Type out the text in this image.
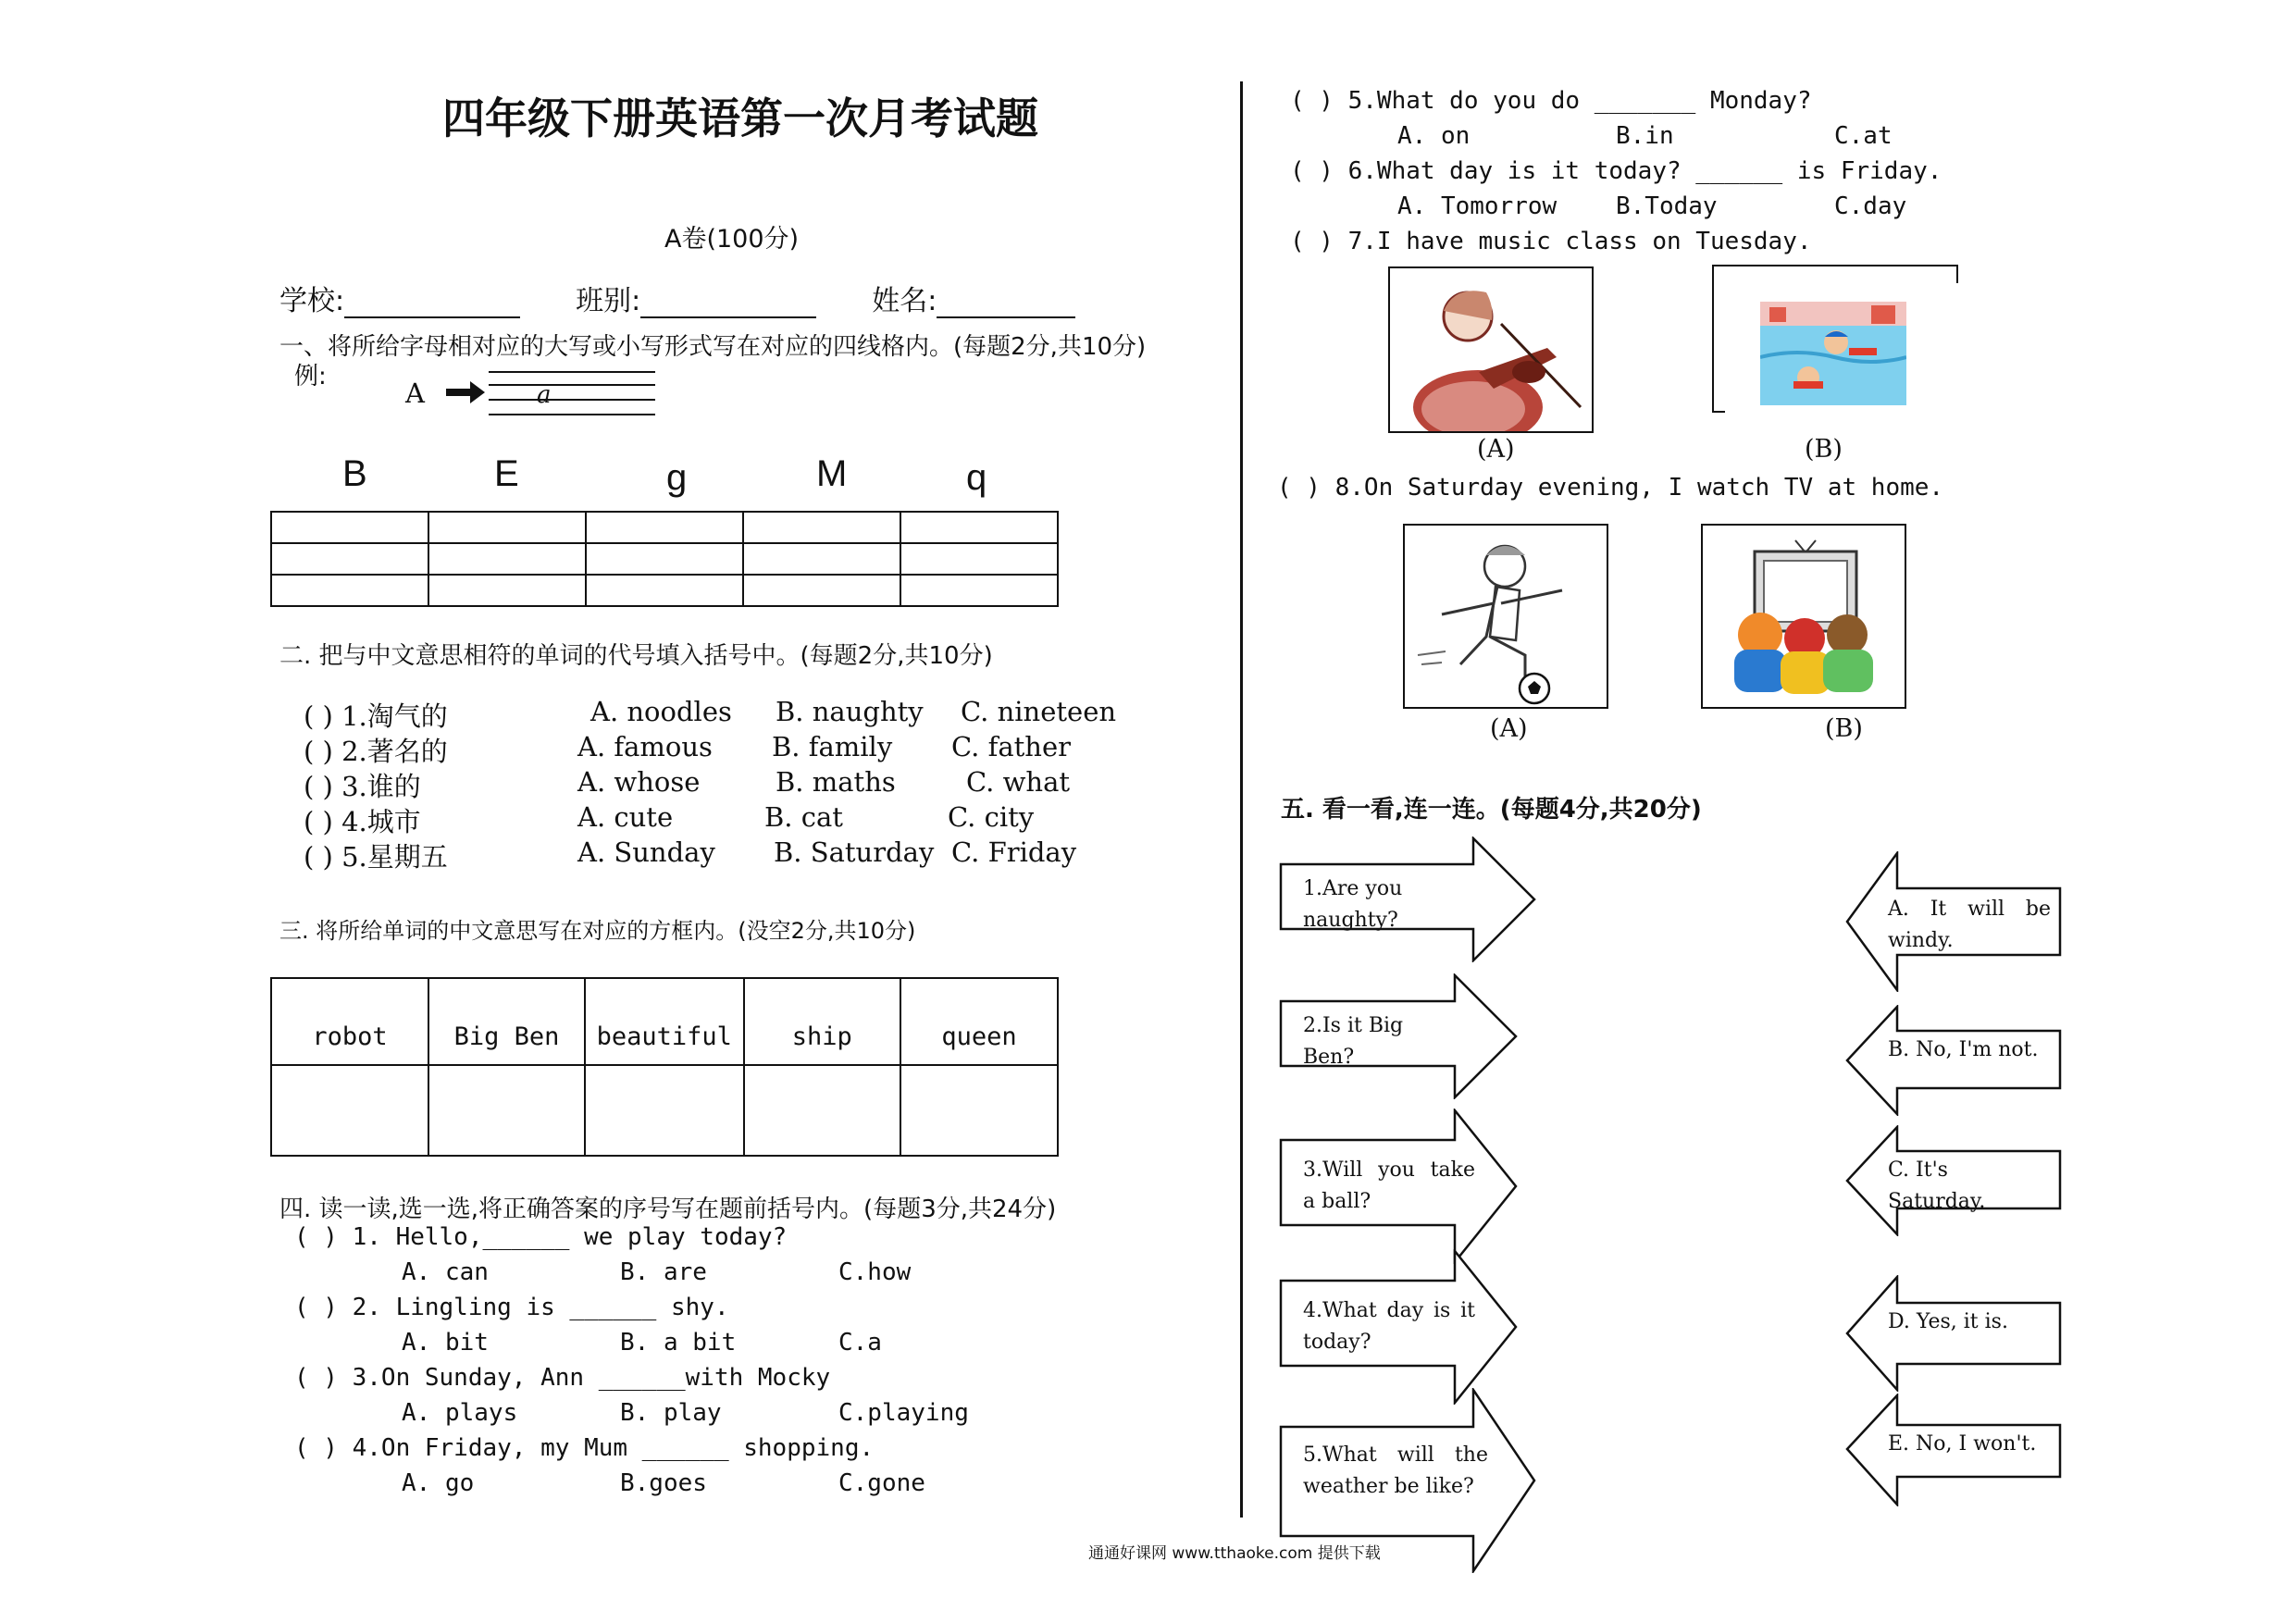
四年级下册英语第一次月考试题
A卷(100分)
学校:	班别:	姓名:
一、将所给字母相对应的大写或小写形式写在对应的四线格内。(每题2分,共10分)
例:
A	a
B	E	g	M	q

二. 把与中文意思相符的单词的代号填入括号中。(每题2分,共10分)
( ) 1.淘气的	A. noodles B. naughty C. nineteen
( ) 2.著名的	A. famous B. family C. father
( ) 3.谁的	A. whose	B. maths	C. what
( ) 4.城市	A. cute	B. cat	C. city
( ) 5.星期五	A. Sunday B. Saturday C. Friday
三. 将所给单词的中文意思写在对应的方框内。(没空2分,共10分)
robot	Big Ben	beautiful	ship	queen

四. 读一读,选一选,将正确答案的序号写在题前括号内。(每题3分,共24分)
( ) 1. Hello,______ we play today?
A. can	B. are	C.how
( ) 2. Lingling is ______ shy.
A. bit	B. a bit	C.a
( ) 3.On Sunday, Ann ______with Mocky
A. plays	B. play	C.playing
( ) 4.On Friday, my Mum ______ shopping.
A. go	B.goes	C.gone
( ) 5.What do you do _______ Monday?
A. on	B.in	C.at
( ) 6.What day is it today? ______ is Friday.
A. Tomorrow B.Today	C.day
( ) 7.I have music class on Tuesday.
(A)	(B)
( ) 8.On Saturday evening, I watch TV at home.
(A)	(B)
五. 看一看,连一连。(每题4分,共20分)
1.Are you naughty?
2.Is it Big Ben?
3.Will you take a ball?
4.What day is it today?
5.What will the weather be like?
A. It will be windy.
B. No, I'm not.
C. It's Saturday.
D. Yes, it is.
E. No, I won't.
通通好课网 www.tthaoke.com 提供下载
